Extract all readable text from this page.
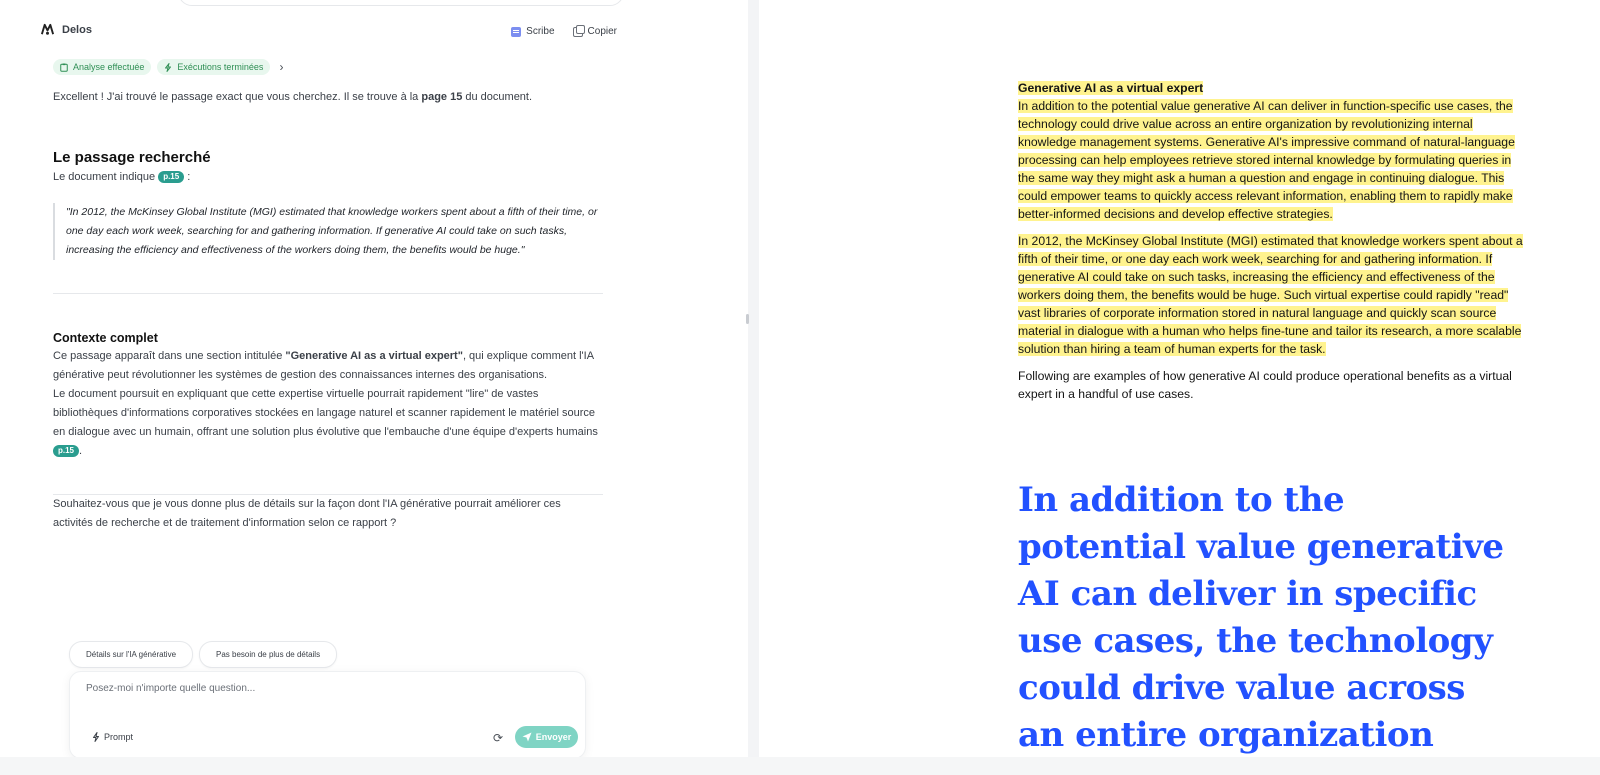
Delos	Scribe	Copier
Analyse effectuée	Exécutions terminées ›

Excellent ! J'ai trouvé le passage exact que vous cherchez. Il se trouve à la page 15 du document.

Le passage recherché

Le document indique p.15 :

"In 2012, the McKinsey Global Institute (MGI) estimated that knowledge workers spent about a fifth of their time, or one day each work week, searching for and gathering information. If generative AI could take on such tasks, increasing the efficiency and effectiveness of the workers doing them, the benefits would be huge."
Contexte complet

Ce passage apparaît dans une section intitulée "Generative AI as a virtual expert", qui explique comment l'IA générative peut révolutionner les systèmes de gestion des connaissances internes des organisations.

Le document poursuit en expliquant que cette expertise virtuelle pourrait rapidement "lire" de vastes bibliothèques d'informations corporatives stockées en langage naturel et scanner rapidement le matériel source en dialogue avec un humain, offrant une solution plus évolutive que l'embauche d'une équipe d'experts humains p.15 .

Souhaitez-vous que je vous donne plus de détails sur la façon dont l'IA générative pourrait améliorer ces activités de recherche et de traitement d'information selon ce rapport ?

Détails sur l'IA générative	Pas besoin de plus de détails
Posez-moi n'importe quelle question...
Prompt	⟳	Envoyer

Generative AI as a virtual expert
In addition to the potential value generative AI can deliver in function-specific use cases, the technology could drive value across an entire organization by revolutionizing internal knowledge management systems. Generative AI's impressive command of natural-language processing can help employees retrieve stored internal knowledge by formulating queries in the same way they might ask a human a question and engage in continuing dialogue. This could empower teams to quickly access relevant information, enabling them to rapidly make better-informed decisions and develop effective strategies.

In 2012, the McKinsey Global Institute (MGI) estimated that knowledge workers spent about a fifth of their time, or one day each work week, searching for and gathering information. If generative AI could take on such tasks, increasing the efficiency and effectiveness of the workers doing them, the benefits would be huge. Such virtual expertise could rapidly "read" vast libraries of corporate information stored in natural language and quickly scan source material in dialogue with a human who helps fine-tune and tailor its research, a more scalable solution than hiring a team of human experts for the task.

Following are examples of how generative AI could produce operational benefits as a virtual expert in a handful of use cases.

In addition to the potential value generative AI can deliver in specific use cases, the technology could drive value across an entire organization
